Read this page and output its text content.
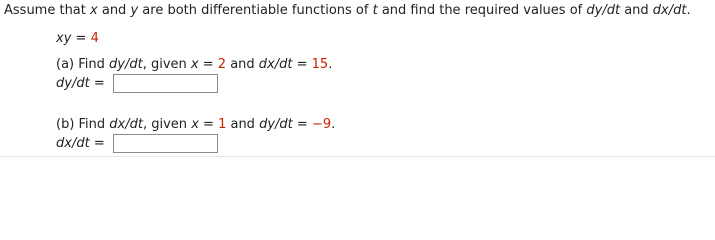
Assume that x and y are both differentiable functions of t and find the required values of dy/dt and dx/dt.
xy = 4
(a) Find dy/dt, given x = 2 and dx/dt = 15.
dy/dt =
(b) Find dx/dt, given x = 1 and dy/dt = −9.
dx/dt =
